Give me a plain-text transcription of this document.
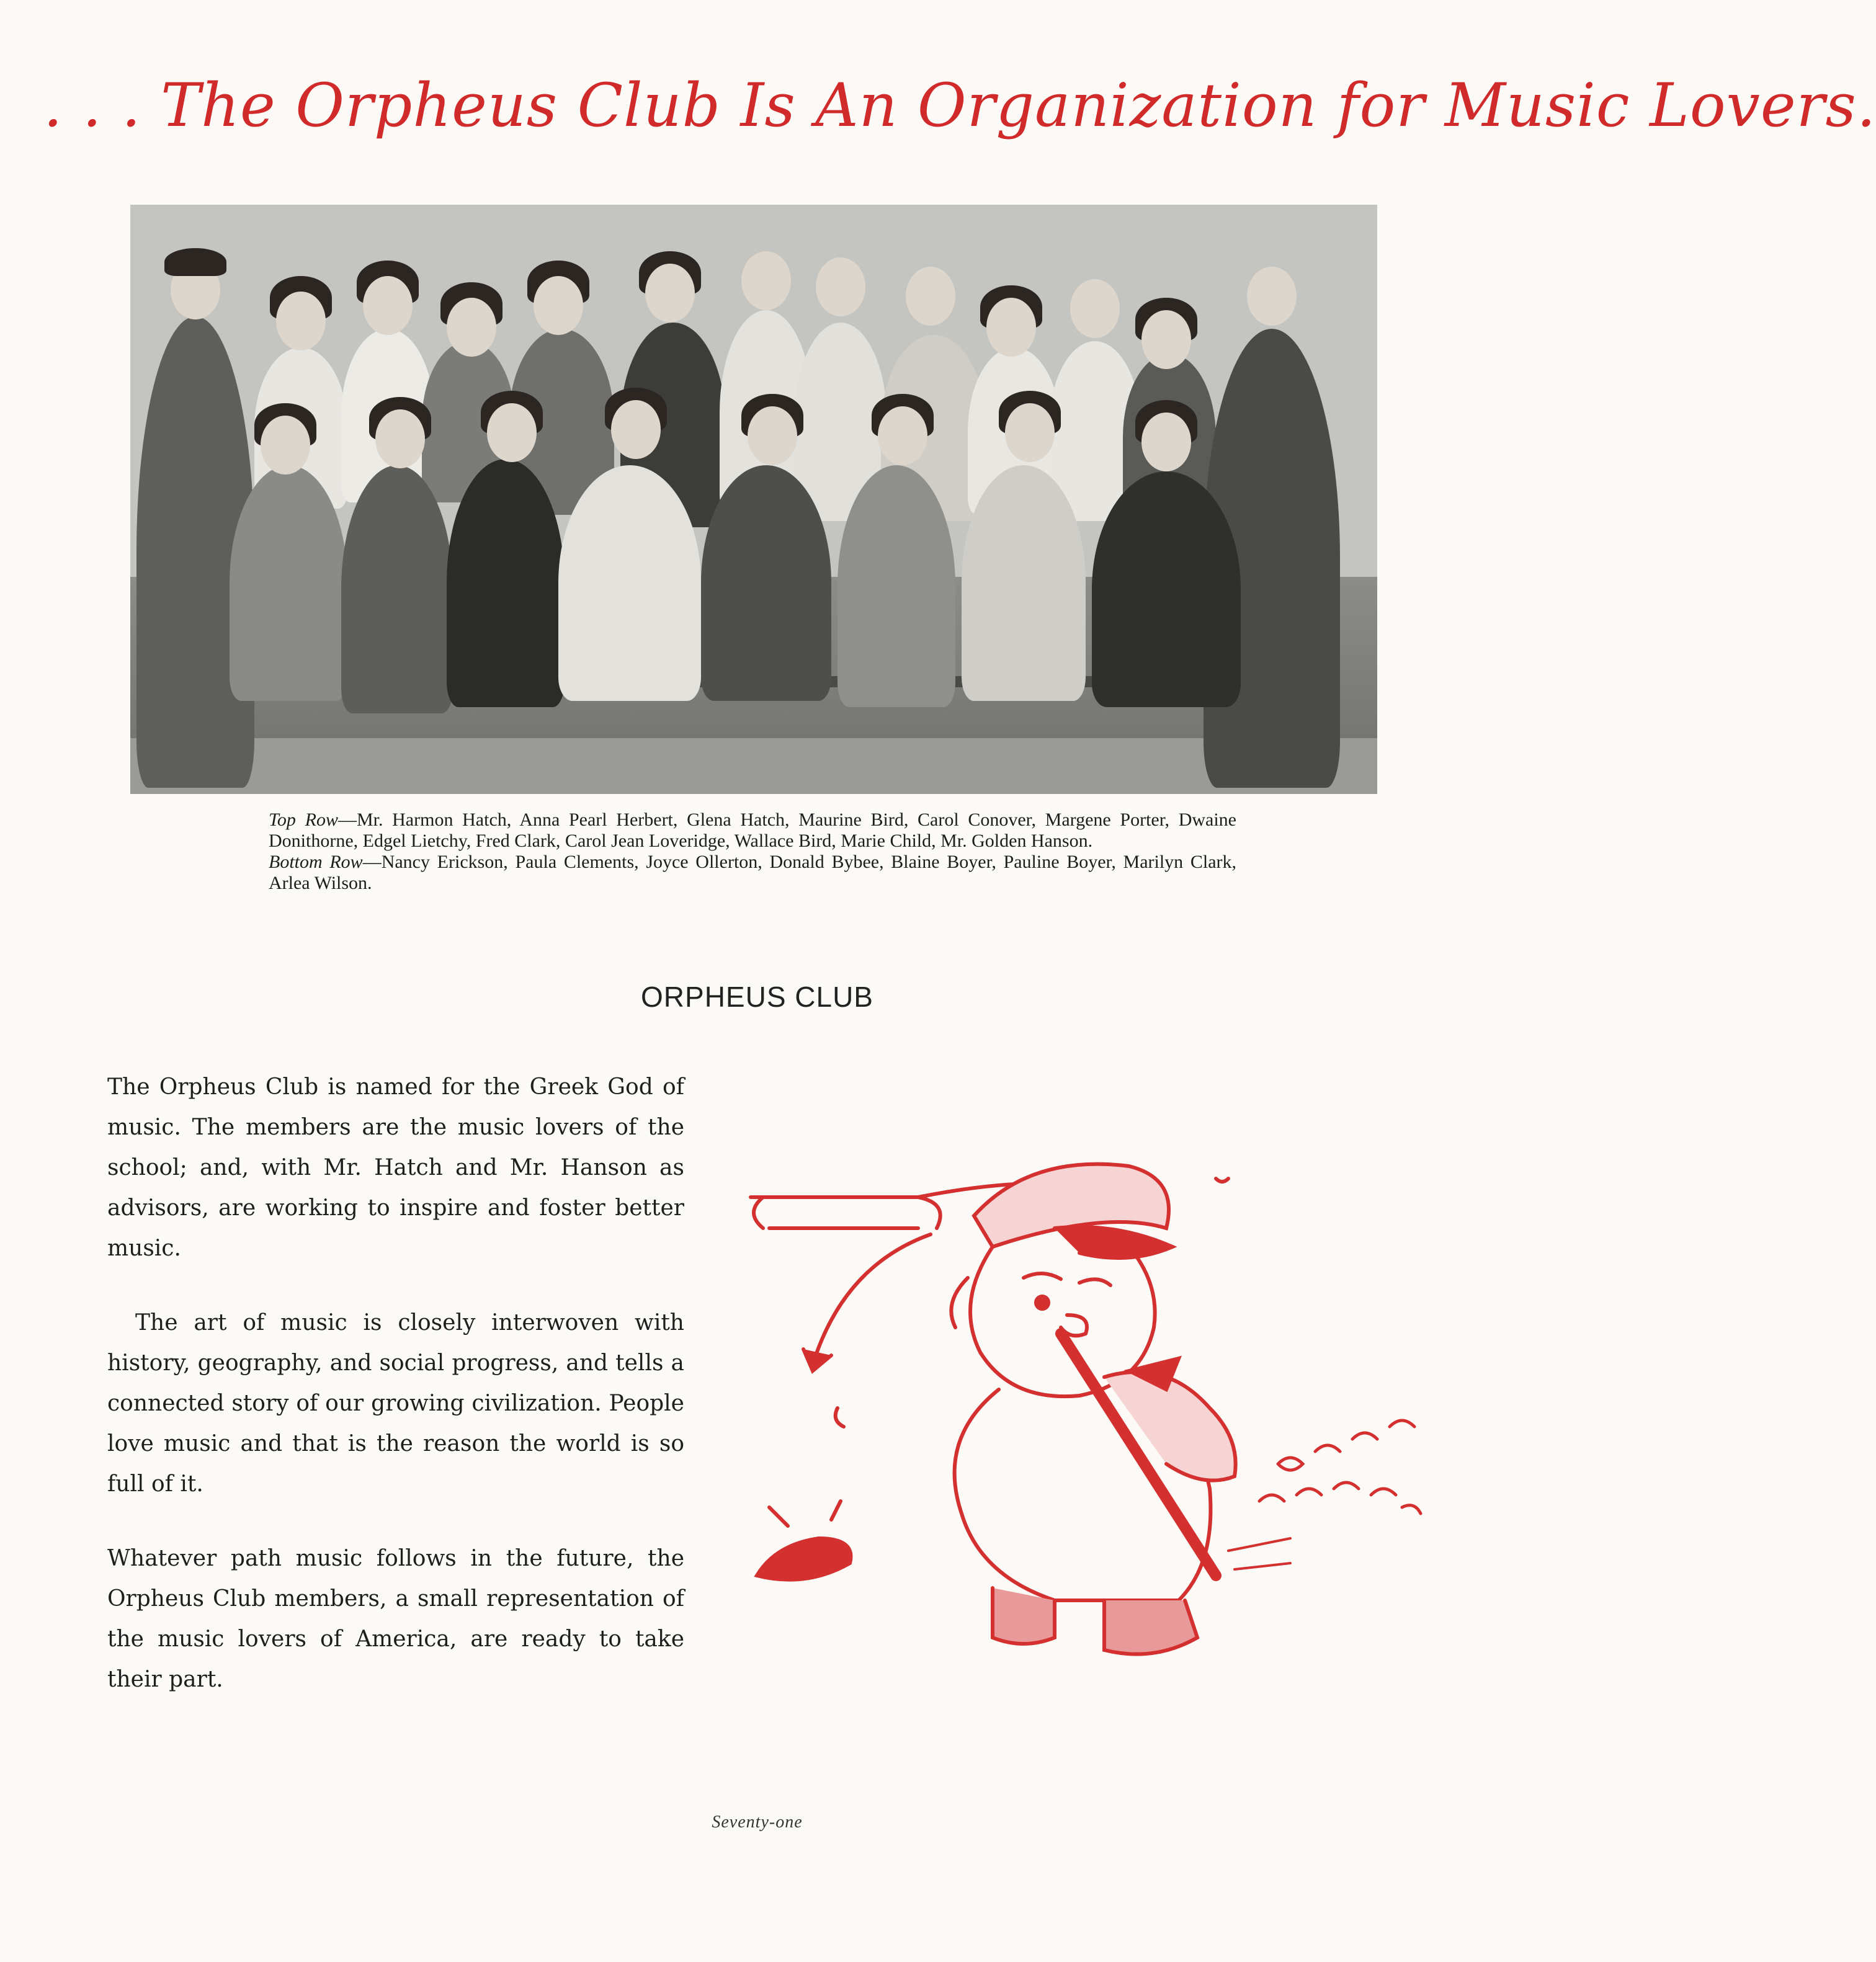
. . . The Orpheus Club Is An Organization for Music Lovers.
Top Row—Mr. Harmon Hatch, Anna Pearl Herbert, Glena Hatch, Maurine Bird, Carol Conover, Margene Porter, Dwaine Donithorne, Edgel Lietchy, Fred Clark, Carol Jean Loveridge, Wallace Bird, Marie Child, Mr. Golden Hanson.
Bottom Row—Nancy Erickson, Paula Clements, Joyce Ollerton, Donald Bybee, Blaine Boyer, Pauline Boyer, Marilyn Clark, Arlea Wilson.
ORPHEUS CLUB

The Orpheus Club is named for the Greek God of music. The members are the music lovers of the school; and, with Mr. Hatch and Mr. Hanson as advisors, are working to inspire and foster better music.

The art of music is closely interwoven with history, geography, and social progress, and tells a connected story of our growing civilization. People love music and that is the reason the world is so full of it.

Whatever path music follows in the future, the Orpheus Club members, a small representation of the music lovers of America, are ready to take their part.

Seventy-one
